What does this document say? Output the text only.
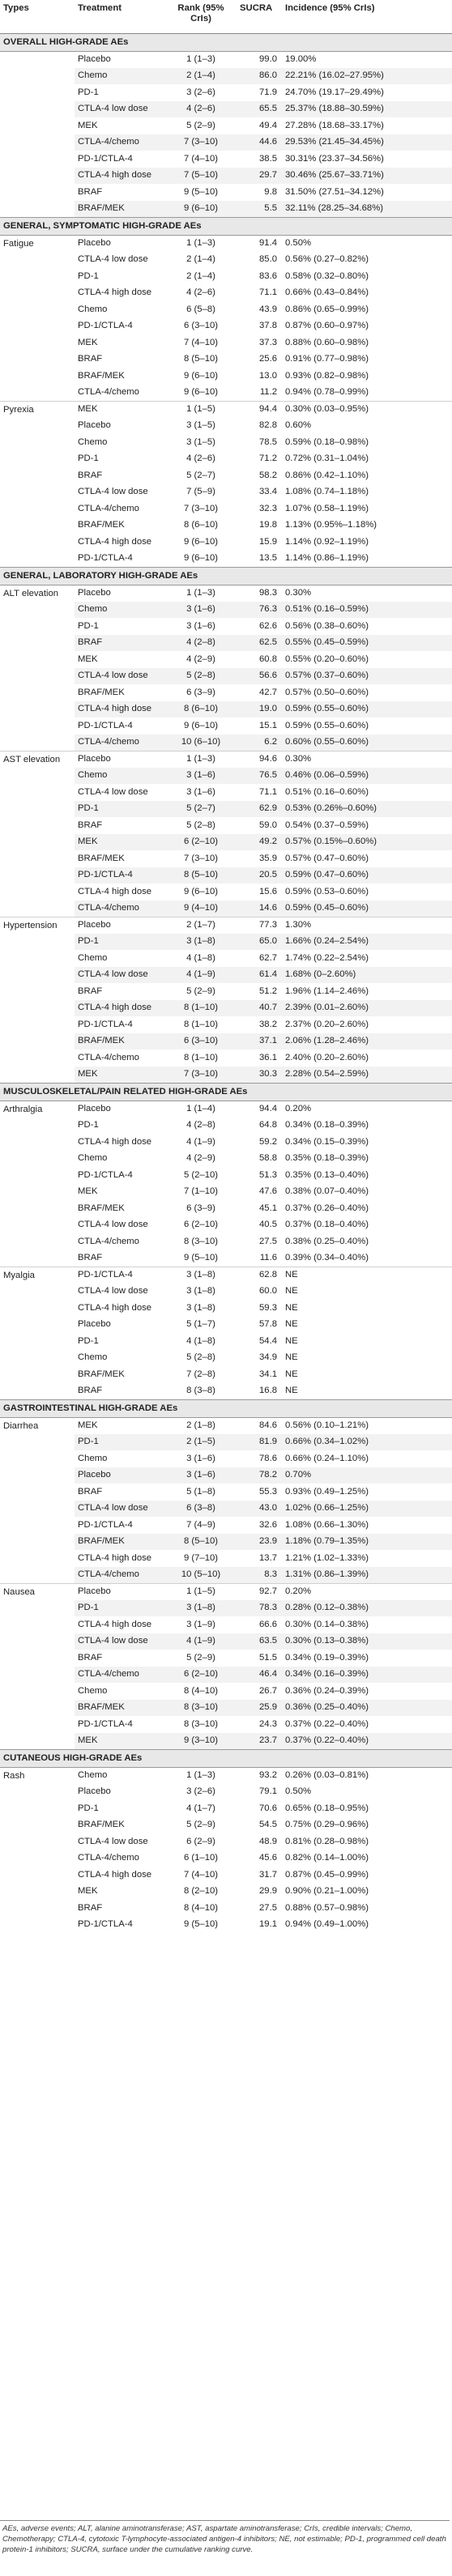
Types	Treatment	Rank (95% CrIs)	SUCRA	Incidence (95% CrIs)
OVERALL HIGH-GRADE AEs				
	Placebo	1 (1–3)	99.0	19.00%
	Chemo	2 (1–4)	86.0	22.21% (16.02–27.95%)
	PD-1	3 (2–6)	71.9	24.70% (19.17–29.49%)
	CTLA-4 low dose	4 (2–6)	65.5	25.37% (18.88–30.59%)
	MEK	5 (2–9)	49.4	27.28% (18.68–33.17%)
	CTLA-4/chemo	7 (3–10)	44.6	29.53% (21.45–34.45%)
	PD-1/CTLA-4	7 (4–10)	38.5	30.31% (23.37–34.56%)
	CTLA-4 high dose	7 (5–10)	29.7	30.46% (25.67–33.71%)
	BRAF	9 (5–10)	9.8	31.50% (27.51–34.12%)
	BRAF/MEK	9 (6–10)	5.5	32.11% (28.25–34.68%)
GENERAL, SYMPTOMATIC HIGH-GRADE AEs				
Fatigue	Placebo	1 (1–3)	91.4	0.50%
	CTLA-4 low dose	2 (1–4)	85.0	0.56% (0.27–0.82%)
	PD-1	2 (1–4)	83.6	0.58% (0.32–0.80%)
	CTLA-4 high dose	4 (2–6)	71.1	0.66% (0.43–0.84%)
	Chemo	6 (5–8)	43.9	0.86% (0.65–0.99%)
	PD-1/CTLA-4	6 (3–10)	37.8	0.87% (0.60–0.97%)
	MEK	7 (4–10)	37.3	0.88% (0.60–0.98%)
	BRAF	8 (5–10)	25.6	0.91% (0.77–0.98%)
	BRAF/MEK	9 (6–10)	13.0	0.93% (0.82–0.98%)
	CTLA-4/chemo	9 (6–10)	11.2	0.94% (0.78–0.99%)
Pyrexia	MEK	1 (1–5)	94.4	0.30% (0.03–0.95%)
	Placebo	3 (1–5)	82.8	0.60%
	Chemo	3 (1–5)	78.5	0.59% (0.18–0.98%)
	PD-1	4 (2–6)	71.2	0.72% (0.31–1.04%)
	BRAF	5 (2–7)	58.2	0.86% (0.42–1.10%)
	CTLA-4 low dose	7 (5–9)	33.4	1.08% (0.74–1.18%)
	CTLA-4/chemo	7 (3–10)	32.3	1.07% (0.58–1.19%)
	BRAF/MEK	8 (6–10)	19.8	1.13% (0.95%–1.18%)
	CTLA-4 high dose	9 (6–10)	15.9	1.14% (0.92–1.19%)
	PD-1/CTLA-4	9 (6–10)	13.5	1.14% (0.86–1.19%)
GENERAL, LABORATORY HIGH-GRADE AEs				
ALT elevation	Placebo	1 (1–3)	98.3	0.30%
	Chemo	3 (1–6)	76.3	0.51% (0.16–0.59%)
	PD-1	3 (1–6)	62.6	0.56% (0.38–0.60%)
	BRAF	4 (2–8)	62.5	0.55% (0.45–0.59%)
	MEK	4 (2–9)	60.8	0.55% (0.20–0.60%)
	CTLA-4 low dose	5 (2–8)	56.6	0.57% (0.37–0.60%)
	BRAF/MEK	6 (3–9)	42.7	0.57% (0.50–0.60%)
	CTLA-4 high dose	8 (6–10)	19.0	0.59% (0.55–0.60%)
	PD-1/CTLA-4	9 (6–10)	15.1	0.59% (0.55–0.60%)
	CTLA-4/chemo	10 (6–10)	6.2	0.60% (0.55–0.60%)
AST elevation	Placebo	1 (1–3)	94.6	0.30%
	Chemo	3 (1–6)	76.5	0.46% (0.06–0.59%)
	CTLA-4 low dose	3 (1–6)	71.1	0.51% (0.16–0.60%)
	PD-1	5 (2–7)	62.9	0.53% (0.26%–0.60%)
	BRAF	5 (2–8)	59.0	0.54% (0.37–0.59%)
	MEK	6 (2–10)	49.2	0.57% (0.15%–0.60%)
	BRAF/MEK	7 (3–10)	35.9	0.57% (0.47–0.60%)
	PD-1/CTLA-4	8 (5–10)	20.5	0.59% (0.47–0.60%)
	CTLA-4 high dose	9 (6–10)	15.6	0.59% (0.53–0.60%)
	CTLA-4/chemo	9 (4–10)	14.6	0.59% (0.45–0.60%)
Hypertension	Placebo	2 (1–7)	77.3	1.30%
	PD-1	3 (1–8)	65.0	1.66% (0.24–2.54%)
	Chemo	4 (1–8)	62.7	1.74% (0.22–2.54%)
	CTLA-4 low dose	4 (1–9)	61.4	1.68% (0–2.60%)
	BRAF	5 (2–9)	51.2	1.96% (1.14–2.46%)
	CTLA-4 high dose	8 (1–10)	40.7	2.39% (0.01–2.60%)
	PD-1/CTLA-4	8 (1–10)	38.2	2.37% (0.20–2.60%)
	BRAF/MEK	6 (3–10)	37.1	2.06% (1.28–2.46%)
	CTLA-4/chemo	8 (1–10)	36.1	2.40% (0.20–2.60%)
	MEK	7 (3–10)	30.3	2.28% (0.54–2.59%)
MUSCULOSKELETAL/PAIN RELATED HIGH-GRADE AEs				
Arthralgia	Placebo	1 (1–4)	94.4	0.20%
	PD-1	4 (2–8)	64.8	0.34% (0.18–0.39%)
	CTLA-4 high dose	4 (1–9)	59.2	0.34% (0.15–0.39%)
	Chemo	4 (2–9)	58.8	0.35% (0.18–0.39%)
	PD-1/CTLA-4	5 (2–10)	51.3	0.35% (0.13–0.40%)
	MEK	7 (1–10)	47.6	0.38% (0.07–0.40%)
	BRAF/MEK	6 (3–9)	45.1	0.37% (0.26–0.40%)
	CTLA-4 low dose	6 (2–10)	40.5	0.37% (0.18–0.40%)
	CTLA-4/chemo	8 (3–10)	27.5	0.38% (0.25–0.40%)
	BRAF	9 (5–10)	11.6	0.39% (0.34–0.40%)
Myalgia	PD-1/CTLA-4	3 (1–8)	62.8	NE
	CTLA-4 low dose	3 (1–8)	60.0	NE
	CTLA-4 high dose	3 (1–8)	59.3	NE
	Placebo	5 (1–7)	57.8	NE
	PD-1	4 (1–8)	54.4	NE
	Chemo	5 (2–8)	34.9	NE
	BRAF/MEK	7 (2–8)	34.1	NE
	BRAF	8 (3–8)	16.8	NE
GASTROINTESTINAL HIGH-GRADE AEs				
Diarrhea	MEK	2 (1–8)	84.6	0.56% (0.10–1.21%)
	PD-1	2 (1–5)	81.9	0.66% (0.34–1.02%)
	Chemo	3 (1–6)	78.6	0.66% (0.24–1.10%)
	Placebo	3 (1–6)	78.2	0.70%
	BRAF	5 (1–8)	55.3	0.93% (0.49–1.25%)
	CTLA-4 low dose	6 (3–8)	43.0	1.02% (0.66–1.25%)
	PD-1/CTLA-4	7 (4–9)	32.6	1.08% (0.66–1.30%)
	BRAF/MEK	8 (5–10)	23.9	1.18% (0.79–1.35%)
	CTLA-4 high dose	9 (7–10)	13.7	1.21% (1.02–1.33%)
	CTLA-4/chemo	10 (5–10)	8.3	1.31% (0.86–1.39%)
Nausea	Placebo	1 (1–5)	92.7	0.20%
	PD-1	3 (1–8)	78.3	0.28% (0.12–0.38%)
	CTLA-4 high dose	3 (1–9)	66.6	0.30% (0.14–0.38%)
	CTLA-4 low dose	4 (1–9)	63.5	0.30% (0.13–0.38%)
	BRAF	5 (2–9)	51.5	0.34% (0.19–0.39%)
	CTLA-4/chemo	6 (2–10)	46.4	0.34% (0.16–0.39%)
	Chemo	8 (4–10)	26.7	0.36% (0.24–0.39%)
	BRAF/MEK	8 (3–10)	25.9	0.36% (0.25–0.40%)
	PD-1/CTLA-4	8 (3–10)	24.3	0.37% (0.22–0.40%)
	MEK	9 (3–10)	23.7	0.37% (0.22–0.40%)
CUTANEOUS HIGH-GRADE AEs				
Rash	Chemo	1 (1–3)	93.2	0.26% (0.03–0.81%)
	Placebo	3 (2–6)	79.1	0.50%
	PD-1	4 (1–7)	70.6	0.65% (0.18–0.95%)
	BRAF/MEK	5 (2–9)	54.5	0.75% (0.29–0.96%)
	CTLA-4 low dose	6 (2–9)	48.9	0.81% (0.28–0.98%)
	CTLA-4/chemo	6 (1–10)	45.6	0.82% (0.14–1.00%)
	CTLA-4 high dose	7 (4–10)	31.7	0.87% (0.45–0.99%)
	MEK	8 (2–10)	29.9	0.90% (0.21–1.00%)
	BRAF	8 (4–10)	27.5	0.88% (0.57–0.98%)
	PD-1/CTLA-4	9 (5–10)	19.1	0.94% (0.49–1.00%)
AEs, adverse events; ALT, alanine aminotransferase; AST, aspartate aminotransferase; CrIs, credible intervals; Chemo, Chemotherapy; CTLA-4, cytotoxic T-lymphocyte-associated antigen-4 inhibitors; NE, not estimable; PD-1, programmed cell death protein-1 inhibitors; SUCRA, surface under the cumulative ranking curve.
